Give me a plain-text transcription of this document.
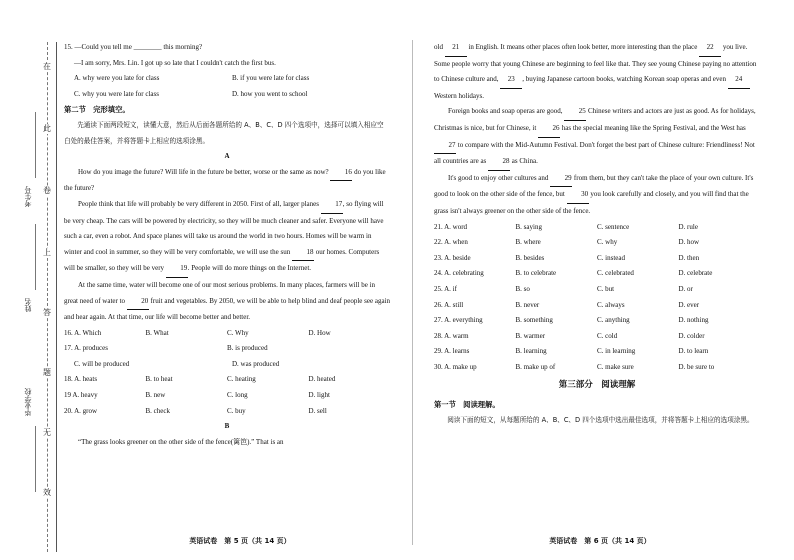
在
此
卷
上
答
题
无
效
考生号
姓名
毕业学校

15. —Could you tell me ________ this morning?

—I am sorry, Mrs. Lin. I got up so late that I couldn't catch the first bus.

A. why were you late for class	B. if you were late for class
C. why you were late for class	D. how you went to school

第二节　完形填空。

先通读下面两段短文，读懂大意，然后从后面各题所给的 A、B、C、D 四个选项中，选择可以填入相应空白处的最佳答案，并将答题卡上相应的选项涂黑。

A

How do you image the future? Will life in the future be better, worse or the same as now? 16 do you like the future?

People think that life will probably be very different in 2050. First of all, larger planes 17, so flying will be very cheap. The cars will be powered by electricity, so they will be much cleaner and safer. Everyone will have such a car, even a robot. And space planes will take us around the world in two hours. Homes will be warm in winter and cool in summer, so they will be very comfortable, we will use the sun 18 our homes. Computers will be smaller, so they will be very 19. People will do more things on the Internet.

At the same time, water will become one of our most serious problems. In many places, farmers will be in great need of water to 20 fruit and vegetables. By 2050, we will be able to help blind and deaf people see again and hear again. At that time, our life will become better and better.

16. A. Which	B. What	C. Why	D. How
17. A. produces	B. is produced
C. will be produced	D. was produced
18. A. heats	B. to heat	C. heating	D. heated
19 A. heavy	B. new	C. long	D. light
20. A. grow	B. check	C. buy	D. sell

B

“The grass looks greener on the other side of the fence(篱笆).” That is an

old 21 in English. It means other places often look better, more interesting than the place 22 you live. Some people worry that young Chinese are beginning to feel like that. They see young Chinese paying no attention to Chinese culture and, 23 , buying Japanese cartoon books, watching Korean soap operas and even 24 Western holidays.

Foreign books and soap operas are good, 25 Chinese writers and actors are just as good. As for holidays, Christmas is nice, but for Chinese, it 26 has the special meaning like the Spring Festival, and the West has 27 to compare with the Mid-Autumn Festival. Don't forget the best part of Chinese culture: Friendliness! Not all countries are as 28 as China.

It's good to enjoy other cultures and 29 from them, but they can't take the place of your own culture. It's good to look on the other side of the fence, but 30 you look carefully and closely, and you will find that the grass isn't always greener on the other side of the fence.

21. A. word	B. saying	C. sentence	D. rule
22. A. when	B. where	C. why	D. how
23. A. beside	B. besides	C. instead	D. then
24. A. celebrating	B. to celebrate	C. celebrated	D. celebrate
25. A. if	B. so	C. but	D. or
26. A. still	B. never	C. always	D. ever
27. A. everything	B. something	C. anything	D. nothing
28. A. warm	B. warmer	C. cold	D. colder
29. A. learns	B. learning	C. in learning	D. to learn
30. A. make up	B. make up of	C. make sure	D. be sure to

第三部分　阅读理解

第一节　阅读理解。

阅读下面的短文，从每题所给的 A、B、C、D 四个选项中选出最佳选项，并将答题卡上相应的选项涂黑。

英语试卷　第 5 页（共 14 页）	英语试卷　第 6 页（共 14 页）
